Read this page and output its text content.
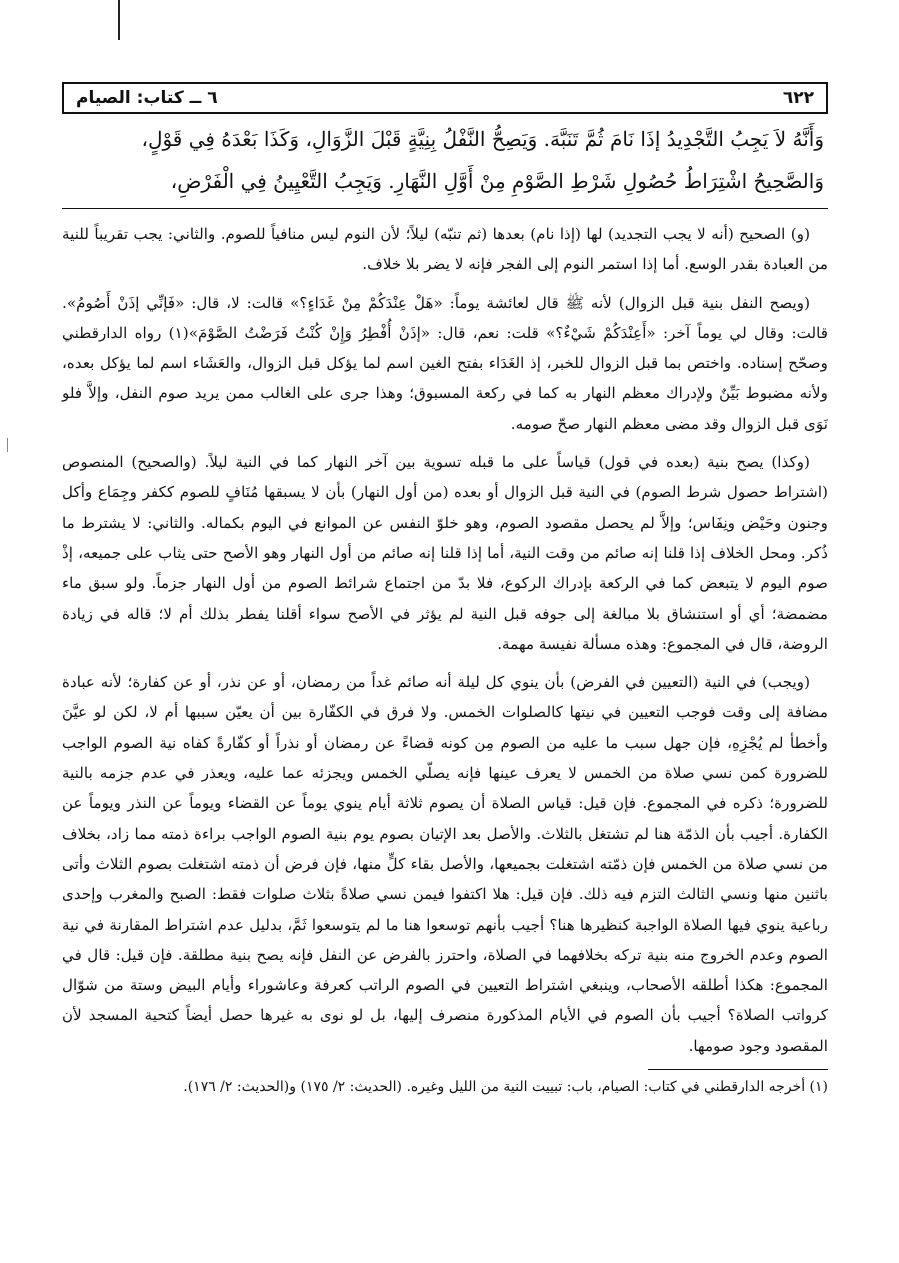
٦٢٢
٦ ــ كتاب: الصيام

وَأَنَّهُ لاَ يَجِبُ التَّجْدِيدُ إذَا نَامَ ثُمَّ تَنَبَّهَ. وَيَصِحُّ النَّفْلُ بِنِيَّةٍ قَبْلَ الزَّوَالِ، وَكَذَا بَعْدَهُ فِي قَوْلٍ،

وَالصَّحِيحُ اشْتِرَاطُ حُصُولِ شَرْطِ الصَّوْمِ مِنْ أَوَّلِ النَّهَارِ. وَيَجِبُ التَّعْيِينُ فِي الْفَرْضِ،

(و) الصحيح (أنه لا يجب التجديد) لها (إذا نام) بعدها (ثم تنبّه) ليلاً؛ لأن النوم ليس منافياً للصوم. والثاني: يجب تقريباً للنية من العبادة بقدر الوسع. أما إذا استمر النوم إلى الفجر فإنه لا يضر بلا خلاف.

(ويصح النفل بنية قبل الزوال) لأنه ﷺ قال لعائشة يوماً: «هَلْ عِنْدَكُمْ مِنْ غَدَاءٍ؟» قالت: لا، قال: «فَإنِّي إذَنْ أَصُومُ». قالت: وقال لي يوماً آخر: «أَعِنْدَكُمْ شَيْءٌ؟» قلت: نعم، قال: «إذَنْ أُفْطِرُ وَإِنْ كُنْتُ فَرَضْتُ الصَّوْمَ»(١) رواه الدارقطني وصحّح إسناده. واختص بما قبل الزوال للخبر، إذ الغَدَاء بفتح الغين اسم لما يؤكل قبل الزوال، والعَشَاء اسم لما يؤكل بعده، ولأنه مضبوط بَيِّنٌ ولإدراك معظم النهار به كما في ركعة المسبوق؛ وهذا جرى على الغالب ممن يريد صوم النفل، وإلاَّ فلو نَوَى قبل الزوال وقد مضى معظم النهار صحّ صومه.

(وكذا) يصح بنية (بعده في قول) قياساً على ما قبله تسوية بين آخر النهار كما في النية ليلاً. (والصحيح) المنصوص (اشتراط حصول شرط الصوم) في النية قبل الزوال أو بعده (من أول النهار) بأن لا يسبقها مُنَافٍ للصوم ككفر وجِمَاع وأكل وجنون وحَيْض ونِفَاس؛ وإلاَّ لم يحصل مقصود الصوم، وهو خلوّ النفس عن الموانع في اليوم بكماله. والثاني: لا يشترط ما ذُكر. ومحل الخلاف إذا قلنا إنه صائم من وقت النية، أما إذا قلنا إنه صائم من أول النهار وهو الأصح حتى يثاب على جميعه، إذْ صوم اليوم لا يتبعض كما في الركعة بإدراك الركوع، فلا بدّ من اجتماع شرائط الصوم من أول النهار جزماً. ولو سبق ماء مضمضة؛ أي أو استنشاق بلا مبالغة إلى جوفه قبل النية لم يؤثر في الأصح سواء أقلنا يفطر بذلك أم لا؛ قاله في زيادة الروضة، قال في المجموع: وهذه مسألة نفيسة مهمة.

(ويجب) في النية (التعيين في الفرض) بأن ينوي كل ليلة أنه صائم غداً من رمضان، أو عن نذر، أو عن كفارة؛ لأنه عبادة مضافة إلى وقت فوجب التعيين في نيتها كالصلوات الخمس. ولا فرق في الكفّارة بين أن يعيّن سببها أم لا، لكن لو عيَّنَ وأخطأ لم يُجْزِهِ، فإن جهل سبب ما عليه من الصوم مِن كونه قضاءً عن رمضان أو نذراً أو كفّارةً كفاه نية الصوم الواجب للضرورة كمن نسي صلاة من الخمس لا يعرف عينها فإنه يصلّي الخمس ويجزئه عما عليه، ويعذر في عدم جزمه بالنية للضرورة؛ ذكره في المجموع. فإن قيل: قياس الصلاة أن يصوم ثلاثة أيام ينوي يوماً عن القضاء ويوماً عن النذر ويوماً عن الكفارة. أجيب بأن الذمّة هنا لم تشتغل بالثلاث. والأصل بعد الإتيان بصوم يوم بنية الصوم الواجب براءة ذمته مما زاد، بخلاف من نسي صلاة من الخمس فإن ذمّته اشتغلت بجميعها، والأصل بقاء كلٍّ منها، فإن فرض أن ذمته اشتغلت بصوم الثلاث وأتى باثنين منها ونسي الثالث التزم فيه ذلك. فإن قيل: هلا اكتفوا فيمن نسي صلاةً بثلاث صلوات فقط: الصبح والمغرب وإحدى رباعية ينوي فيها الصلاة الواجبة كنظيرها هنا؟ أجيب بأنهم توسعوا هنا ما لم يتوسعوا ثَمَّ، بدليل عدم اشتراط المقارنة في نية الصوم وعدم الخروج منه بنية تركه بخلافهما في الصلاة، واحترز بالفرض عن النفل فإنه يصح بنية مطلقة. فإن قيل: قال في المجموع: هكذا أطلقه الأصحاب، وينبغي اشتراط التعيين في الصوم الراتب كعرفة وعاشوراء وأيام البيض وستة من شوّال كرواتب الصلاة؟ أجيب بأن الصوم في الأيام المذكورة منصرف إليها، بل لو نوى به غيرها حصل أيضاً كتحية المسجد لأن المقصود وجود صومها.

(١) أخرجه الدارقطني في كتاب: الصيام، باب: تبييت النية من الليل وغيره. (الحديث: ٢/ ١٧٥) و(الحديث: ٢/ ١٧٦).
